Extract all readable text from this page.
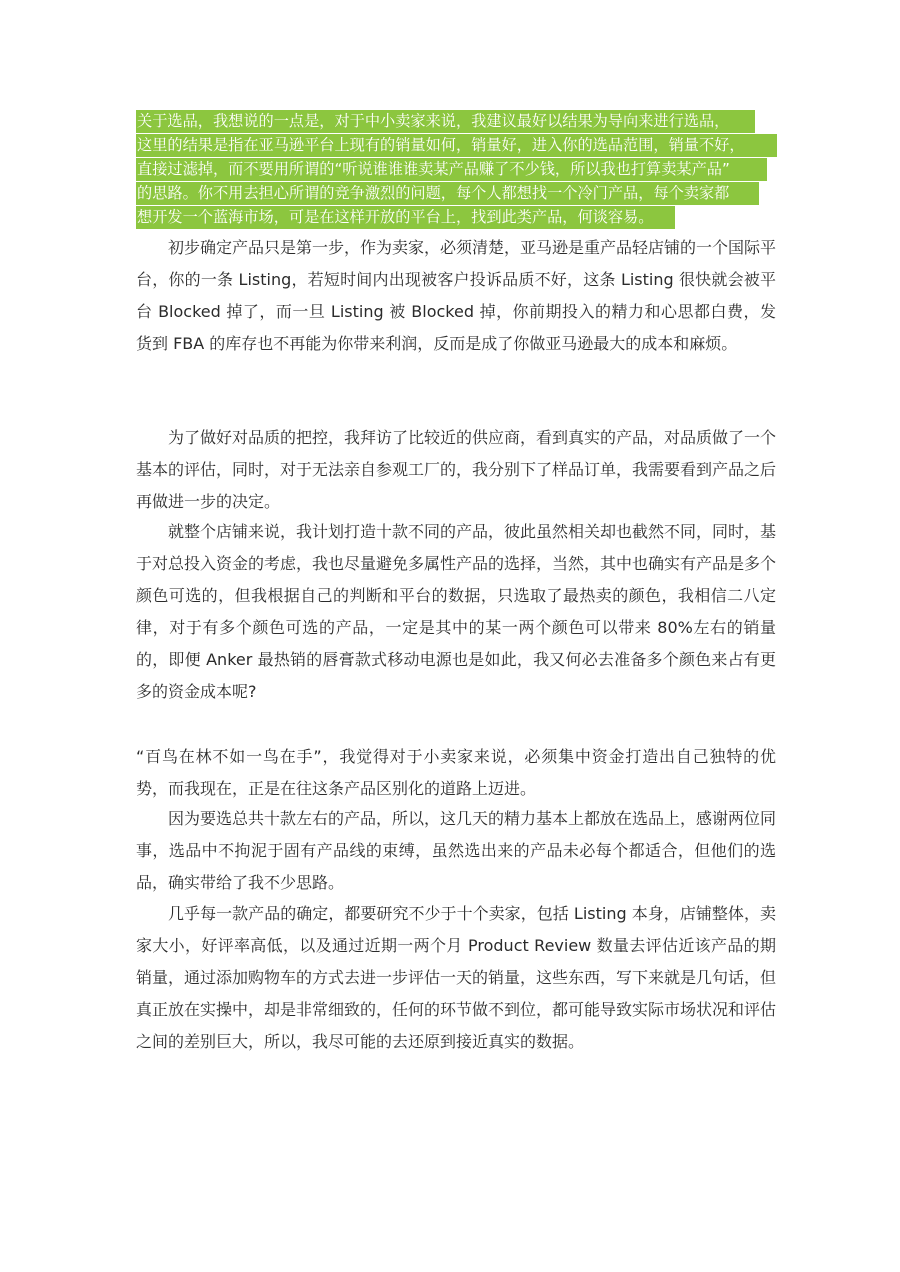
关于选品，我想说的一点是，对于中小卖家来说，我建议最好以结果为导向来进行选品，
这里的结果是指在亚马逊平台上现有的销量如何，销量好，进入你的选品范围，销量不好，
直接过滤掉，而不要用所谓的“听说谁谁谁卖某产品赚了不少钱，所以我也打算卖某产品”
的思路。你不用去担心所谓的竞争激烈的问题，每个人都想找一个冷门产品，每个卖家都
想开发一个蓝海市场，可是在这样开放的平台上，找到此类产品，何谈容易。

初步确定产品只是第一步，作为卖家，必须清楚，亚马逊是重产品轻店铺的一个国际平台，你的一条 Listing，若短时间内出现被客户投诉品质不好，这条 Listing 很快就会被平台 Blocked 掉了，而一旦 Listing 被 Blocked 掉，你前期投入的精力和心思都白费，发货到 FBA 的库存也不再能为你带来利润，反而是成了你做亚马逊最大的成本和麻烦。

为了做好对品质的把控，我拜访了比较近的供应商，看到真实的产品，对品质做了一个基本的评估，同时，对于无法亲自参观工厂的，我分别下了样品订单，我需要看到产品之后再做进一步的决定。

就整个店铺来说，我计划打造十款不同的产品，彼此虽然相关却也截然不同，同时，基于对总投入资金的考虑，我也尽量避免多属性产品的选择，当然，其中也确实有产品是多个颜色可选的，但我根据自己的判断和平台的数据，只选取了最热卖的颜色，我相信二八定律，对于有多个颜色可选的产品，一定是其中的某一两个颜色可以带来 80%左右的销量的，即便 Anker 最热销的唇膏款式移动电源也是如此，我又何必去准备多个颜色来占有更多的资金成本呢?

“百鸟在林不如一鸟在手”，我觉得对于小卖家来说，必须集中资金打造出自己独特的优势，而我现在，正是在往这条产品区别化的道路上迈进。

因为要选总共十款左右的产品，所以，这几天的精力基本上都放在选品上，感谢两位同事，选品中不拘泥于固有产品线的束缚，虽然选出来的产品未必每个都适合，但他们的选品，确实带给了我不少思路。

几乎每一款产品的确定，都要研究不少于十个卖家，包括 Listing 本身，店铺整体，卖家大小，好评率高低，以及通过近期一两个月 Product Review 数量去评估近该产品的期销量，通过添加购物车的方式去进一步评估一天的销量，这些东西，写下来就是几句话，但真正放在实操中，却是非常细致的，任何的环节做不到位，都可能导致实际市场状况和评估之间的差别巨大，所以，我尽可能的去还原到接近真实的数据。
